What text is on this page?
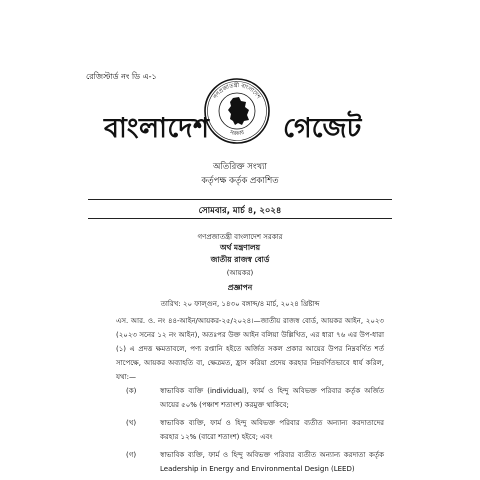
রেজিস্টার্ড নং ডি এ-১
বাংলাদেশ
গণপ্রজাতন্ত্রী বাংলাদেশ
সরকার গেজেট
অতিরিক্ত সংখ্যা
কর্তৃপক্ষ কর্তৃক প্রকাশিত
সোমবার, মার্চ ৪, ২০২৪
গণপ্রজাতন্ত্রী বাংলাদেশ সরকার
অর্থ মন্ত্রণালয়
জাতীয় রাজস্ব বোর্ড
(আয়কর)
প্রজ্ঞাপন
তারিখ: ২০ ফাল্গুন, ১৪৩০ বঙ্গাব্দ/৪ মার্চ, ২০২৪ খ্রিষ্টাব্দ
এস. আর. ও. নং ৪৪-আইন/আয়কর-২৫/২০২৪।—জাতীয় রাজস্ব বোর্ড, আয়কর আইন, ২০২৩ (২০২৩ সনের ১২ নং আইন), অতঃপর উক্ত আইন বলিয়া উল্লিখিত, এর ধারা ৭৬ এর উপ-ধারা (১) এ প্রদত্ত ক্ষমতাবলে, পণ্য রপ্তানি হইতে অর্জিত সকল প্রকার আয়ের উপর নিম্নবর্ণিত শর্ত সাপেক্ষে, আয়কর অব্যাহতি বা, ক্ষেত্রমত, হ্রাস করিয়া প্রদেয় করহার নিম্নবর্ণিতভাবে ধার্য করিল, যথা:—
(ক)	স্বাভাবিক ব্যক্তি (individual), ফার্ম ও হিন্দু অবিভক্ত পরিবার কর্তৃক অর্জিত আয়ের ৫০% (পঞ্চাশ শতাংশ) করমুক্ত থাকিবে;
(খ)	স্বাভাবিক ব্যক্তি, ফার্ম ও হিন্দু অবিভক্ত পরিবার ব্যতীত অন্যান্য করদাতাদের করহার ১২% (বারো শতাংশ) হইবে; এবং
(গ)	স্বাভাবিক ব্যক্তি, ফার্ম ও হিন্দু অবিভক্ত পরিবার ব্যতীত অন্যান্য করদাতা কর্তৃক Leadership in Energy and Environmental Design (LEED)
